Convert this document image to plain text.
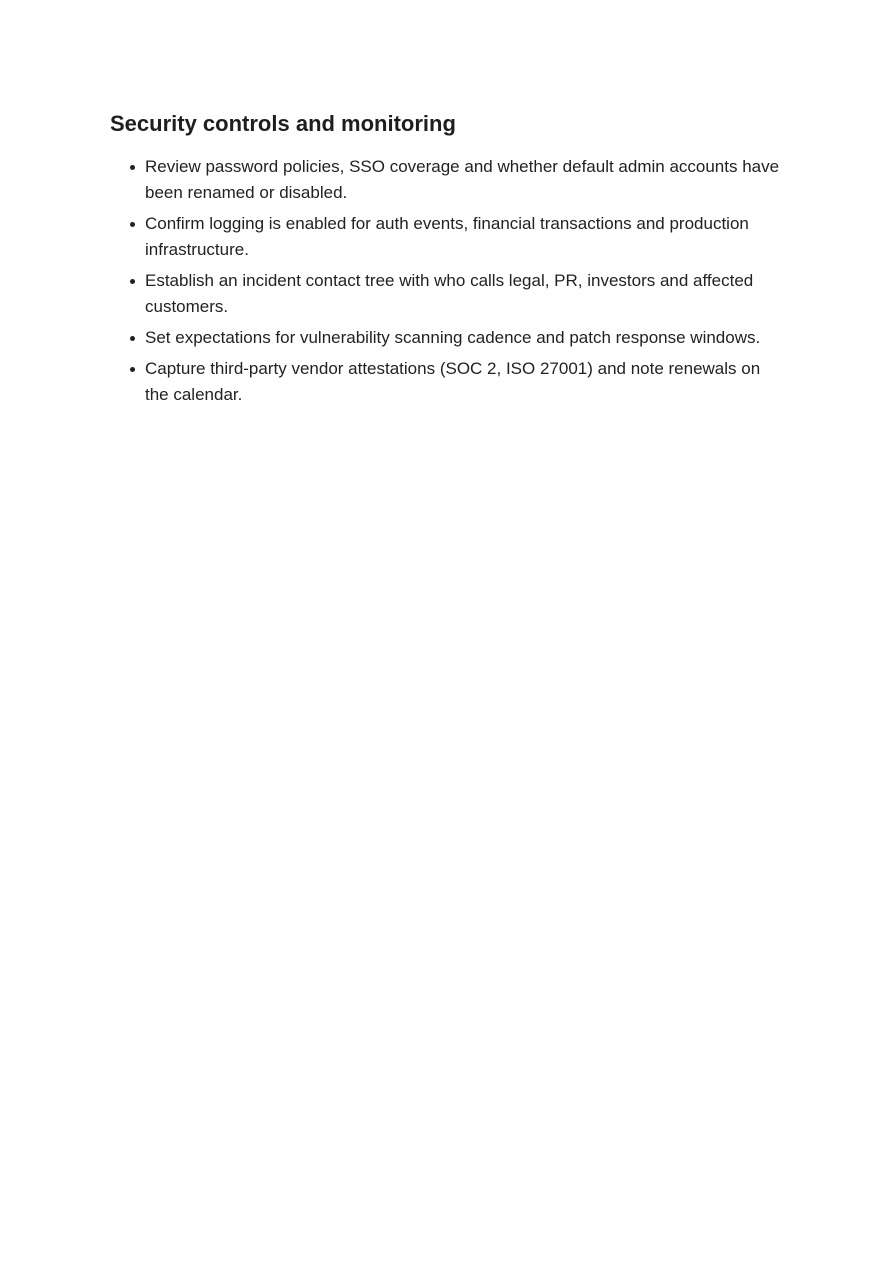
Security controls and monitoring
Review password policies, SSO coverage and whether default admin accounts have been renamed or disabled.
Confirm logging is enabled for auth events, financial transactions and production infrastructure.
Establish an incident contact tree with who calls legal, PR, investors and affected customers.
Set expectations for vulnerability scanning cadence and patch response windows.
Capture third-party vendor attestations (SOC 2, ISO 27001) and note renewals on the calendar.
